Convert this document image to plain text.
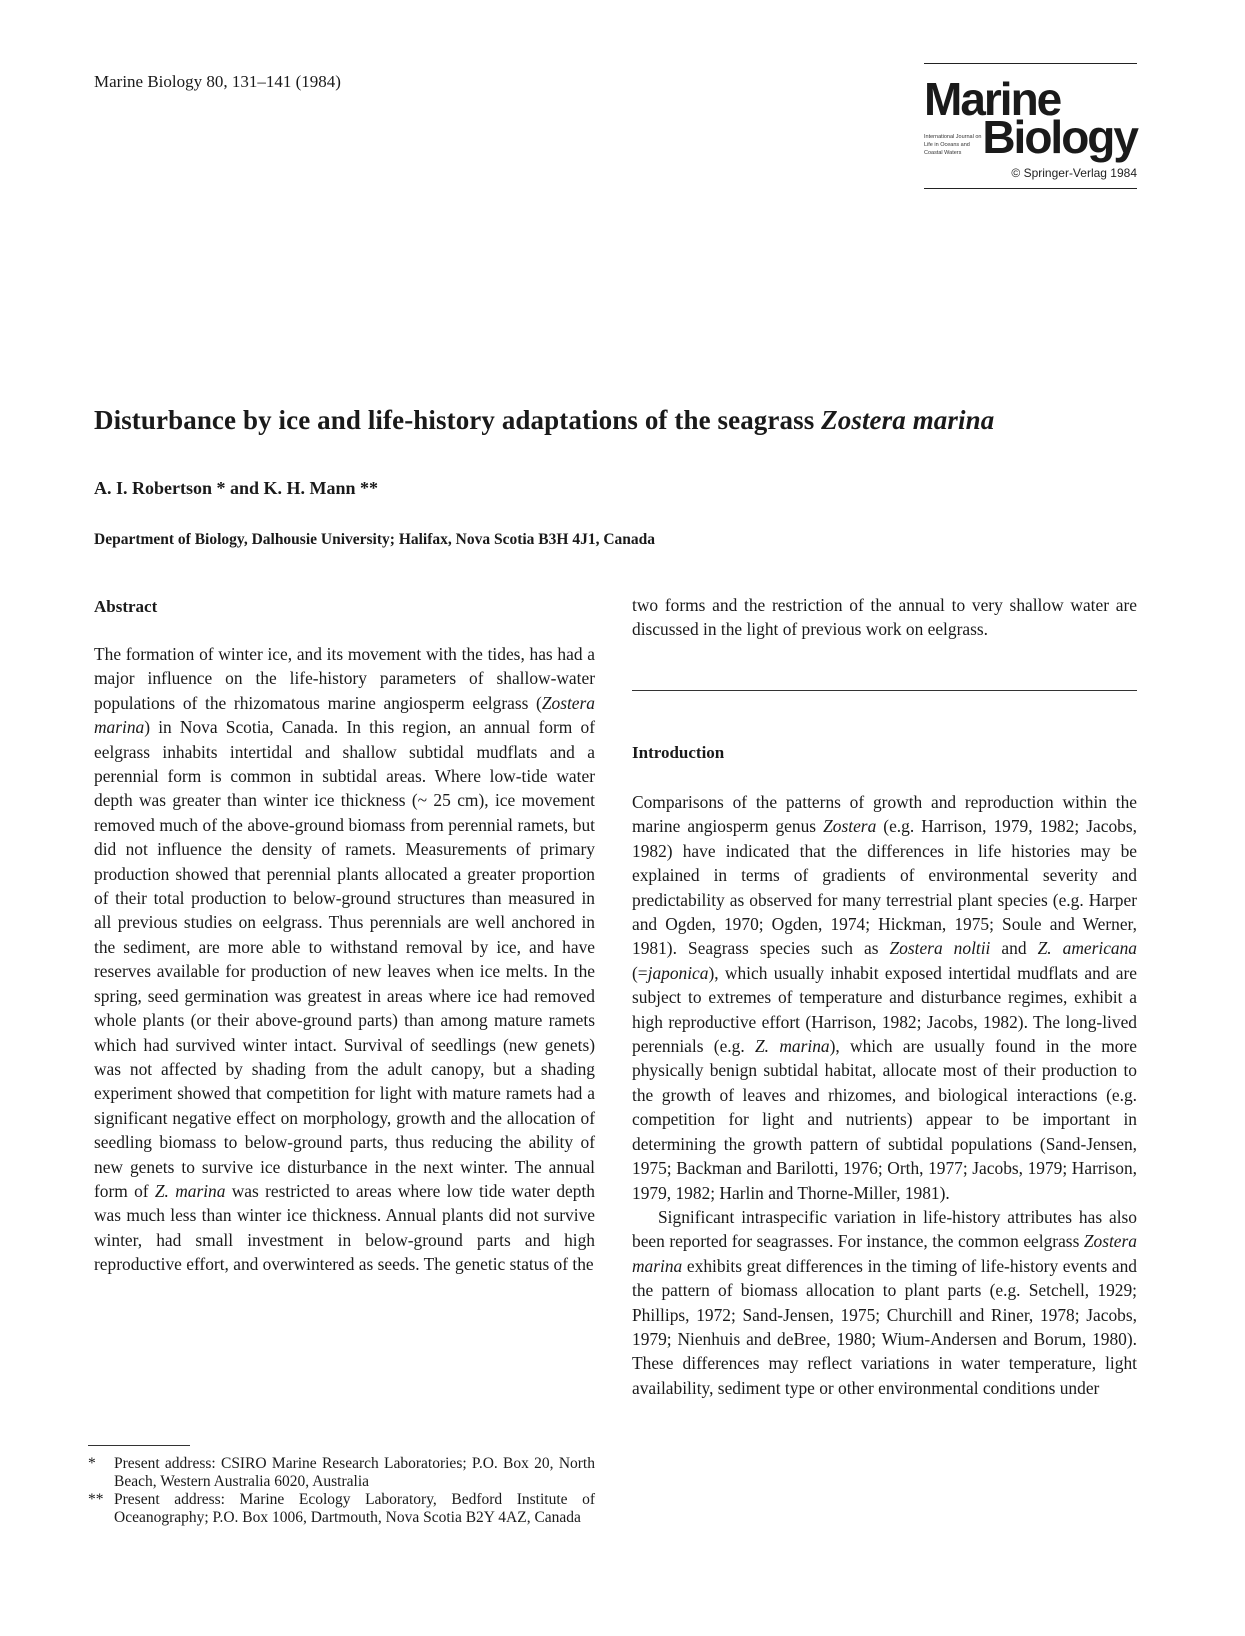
Marine Biology 80, 131–141 (1984)	Marine
International Journal on Life in Oceans and Coastal Waters Biology
© Springer-Verlag 1984
Disturbance by ice and life-history adaptations of the seagrass Zostera marina
A. I. Robertson * and K. H. Mann **
Department of Biology, Dalhousie University; Halifax, Nova Scotia B3H 4J1, Canada
Abstract

The formation of winter ice, and its movement with the tides, has had a major influence on the life-history parameters of shallow-water populations of the rhizomatous marine angiosperm eelgrass (Zostera marina) in Nova Scotia, Canada. In this region, an annual form of eelgrass inhabits intertidal and shallow subtidal mudflats and a perennial form is common in subtidal areas. Where low-tide water depth was greater than winter ice thickness (~ 25 cm), ice movement removed much of the above-ground biomass from perennial ramets, but did not influence the density of ramets. Measurements of primary production showed that perennial plants allocated a greater proportion of their total production to below-ground structures than measured in all previous studies on eelgrass. Thus perennials are well anchored in the sediment, are more able to withstand removal by ice, and have reserves available for production of new leaves when ice melts. In the spring, seed germination was greatest in areas where ice had removed whole plants (or their above-ground parts) than among mature ramets which had survived winter intact. Survival of seedlings (new genets) was not affected by shading from the adult canopy, but a shading experiment showed that competition for light with mature ramets had a significant negative effect on morphology, growth and the allocation of seedling biomass to below-ground parts, thus reducing the ability of new genets to survive ice disturbance in the next winter. The annual form of Z. marina was restricted to areas where low tide water depth was much less than winter ice thickness. Annual plants did not survive winter, had small investment in below-ground parts and high reproductive effort, and overwintered as seeds. The genetic status of the

*	Present address: CSIRO Marine Research Laboratories; P.O. Box 20, North Beach, Western Australia 6020, Australia
** Present address: Marine Ecology Laboratory, Bedford Institute of Oceanography; P.O. Box 1006, Dartmouth, Nova Scotia B2Y 4AZ, Canada

two forms and the restriction of the annual to very shallow water are discussed in the light of previous work on eelgrass.

Introduction

Comparisons of the patterns of growth and reproduction within the marine angiosperm genus Zostera (e.g. Harrison, 1979, 1982; Jacobs, 1982) have indicated that the differences in life histories may be explained in terms of gradients of environmental severity and predictability as observed for many terrestrial plant species (e.g. Harper and Ogden, 1970; Ogden, 1974; Hickman, 1975; Soule and Werner, 1981). Seagrass species such as Zostera noltii and Z. americana (=japonica), which usually inhabit exposed intertidal mudflats and are subject to extremes of temperature and disturbance regimes, exhibit a high reproductive effort (Harrison, 1982; Jacobs, 1982). The long-lived perennials (e.g. Z. marina), which are usually found in the more physically benign subtidal habitat, allocate most of their production to the growth of leaves and rhizomes, and biological interactions (e.g. competition for light and nutrients) appear to be important in determining the growth pattern of subtidal populations (Sand-Jensen, 1975; Backman and Barilotti, 1976; Orth, 1977; Jacobs, 1979; Harrison, 1979, 1982; Harlin and Thorne-Miller, 1981).

Significant intraspecific variation in life-history attributes has also been reported for seagrasses. For instance, the common eelgrass Zostera marina exhibits great differences in the timing of life-history events and the pattern of biomass allocation to plant parts (e.g. Setchell, 1929; Phillips, 1972; Sand-Jensen, 1975; Churchill and Riner, 1978; Jacobs, 1979; Nienhuis and deBree, 1980; Wium-Andersen and Borum, 1980). These differences may reflect variations in water temperature, light availability, sediment type or other environmental conditions under
